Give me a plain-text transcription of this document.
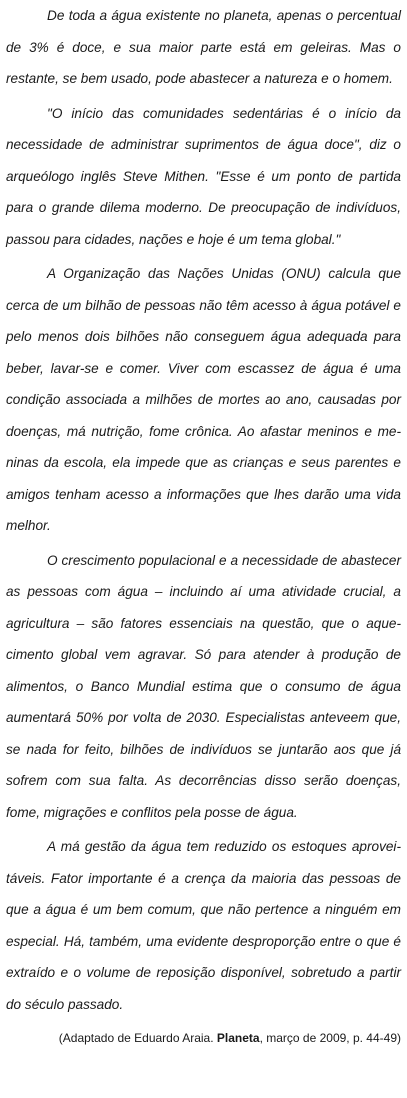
De toda a água existente no planeta, apenas o percentual de 3% é doce, e sua maior parte está em geleiras. Mas o restante, se bem usado, pode abastecer a natureza e o homem.

"O início das comunidades sedentárias é o início da necessidade de administrar suprimentos de água doce", diz o arqueólogo inglês Steve Mithen. "Esse é um ponto de partida para o grande dilema moderno. De preocupação de indivíduos, passou para cidades, nações e hoje é um tema global."

A Organização das Nações Unidas (ONU) calcula que cerca de um bilhão de pessoas não têm acesso à água potável e pelo menos dois bilhões não conseguem água adequada para beber, lavar-se e comer. Viver com escassez de água é uma condição associada a milhões de mortes ao ano, causadas por doenças, má nutrição, fome crônica. Ao afastar meninos e meninas da escola, ela impede que as crianças e seus parentes e amigos tenham acesso a informações que lhes darão uma vida melhor.

O crescimento populacional e a necessidade de abastecer as pessoas com água – incluindo aí uma atividade crucial, a agricultura – são fatores essenciais na questão, que o aquecimento global vem agravar. Só para atender à produção de alimentos, o Banco Mundial estima que o consumo de água aumentará 50% por volta de 2030. Especialistas anteveem que, se nada for feito, bilhões de indivíduos se juntarão aos que já sofrem com sua falta. As decorrências disso serão doenças, fome, migrações e conflitos pela posse de água.

A má gestão da água tem reduzido os estoques aproveitáveis. Fator importante é a crença da maioria das pessoas de que a água é um bem comum, que não pertence a ninguém em especial. Há, também, uma evidente desproporção entre o que é extraído e o volume de reposição disponível, sobretudo a partir do século passado.

(Adaptado de Eduardo Araia. Planeta, março de 2009, p. 44-49)
